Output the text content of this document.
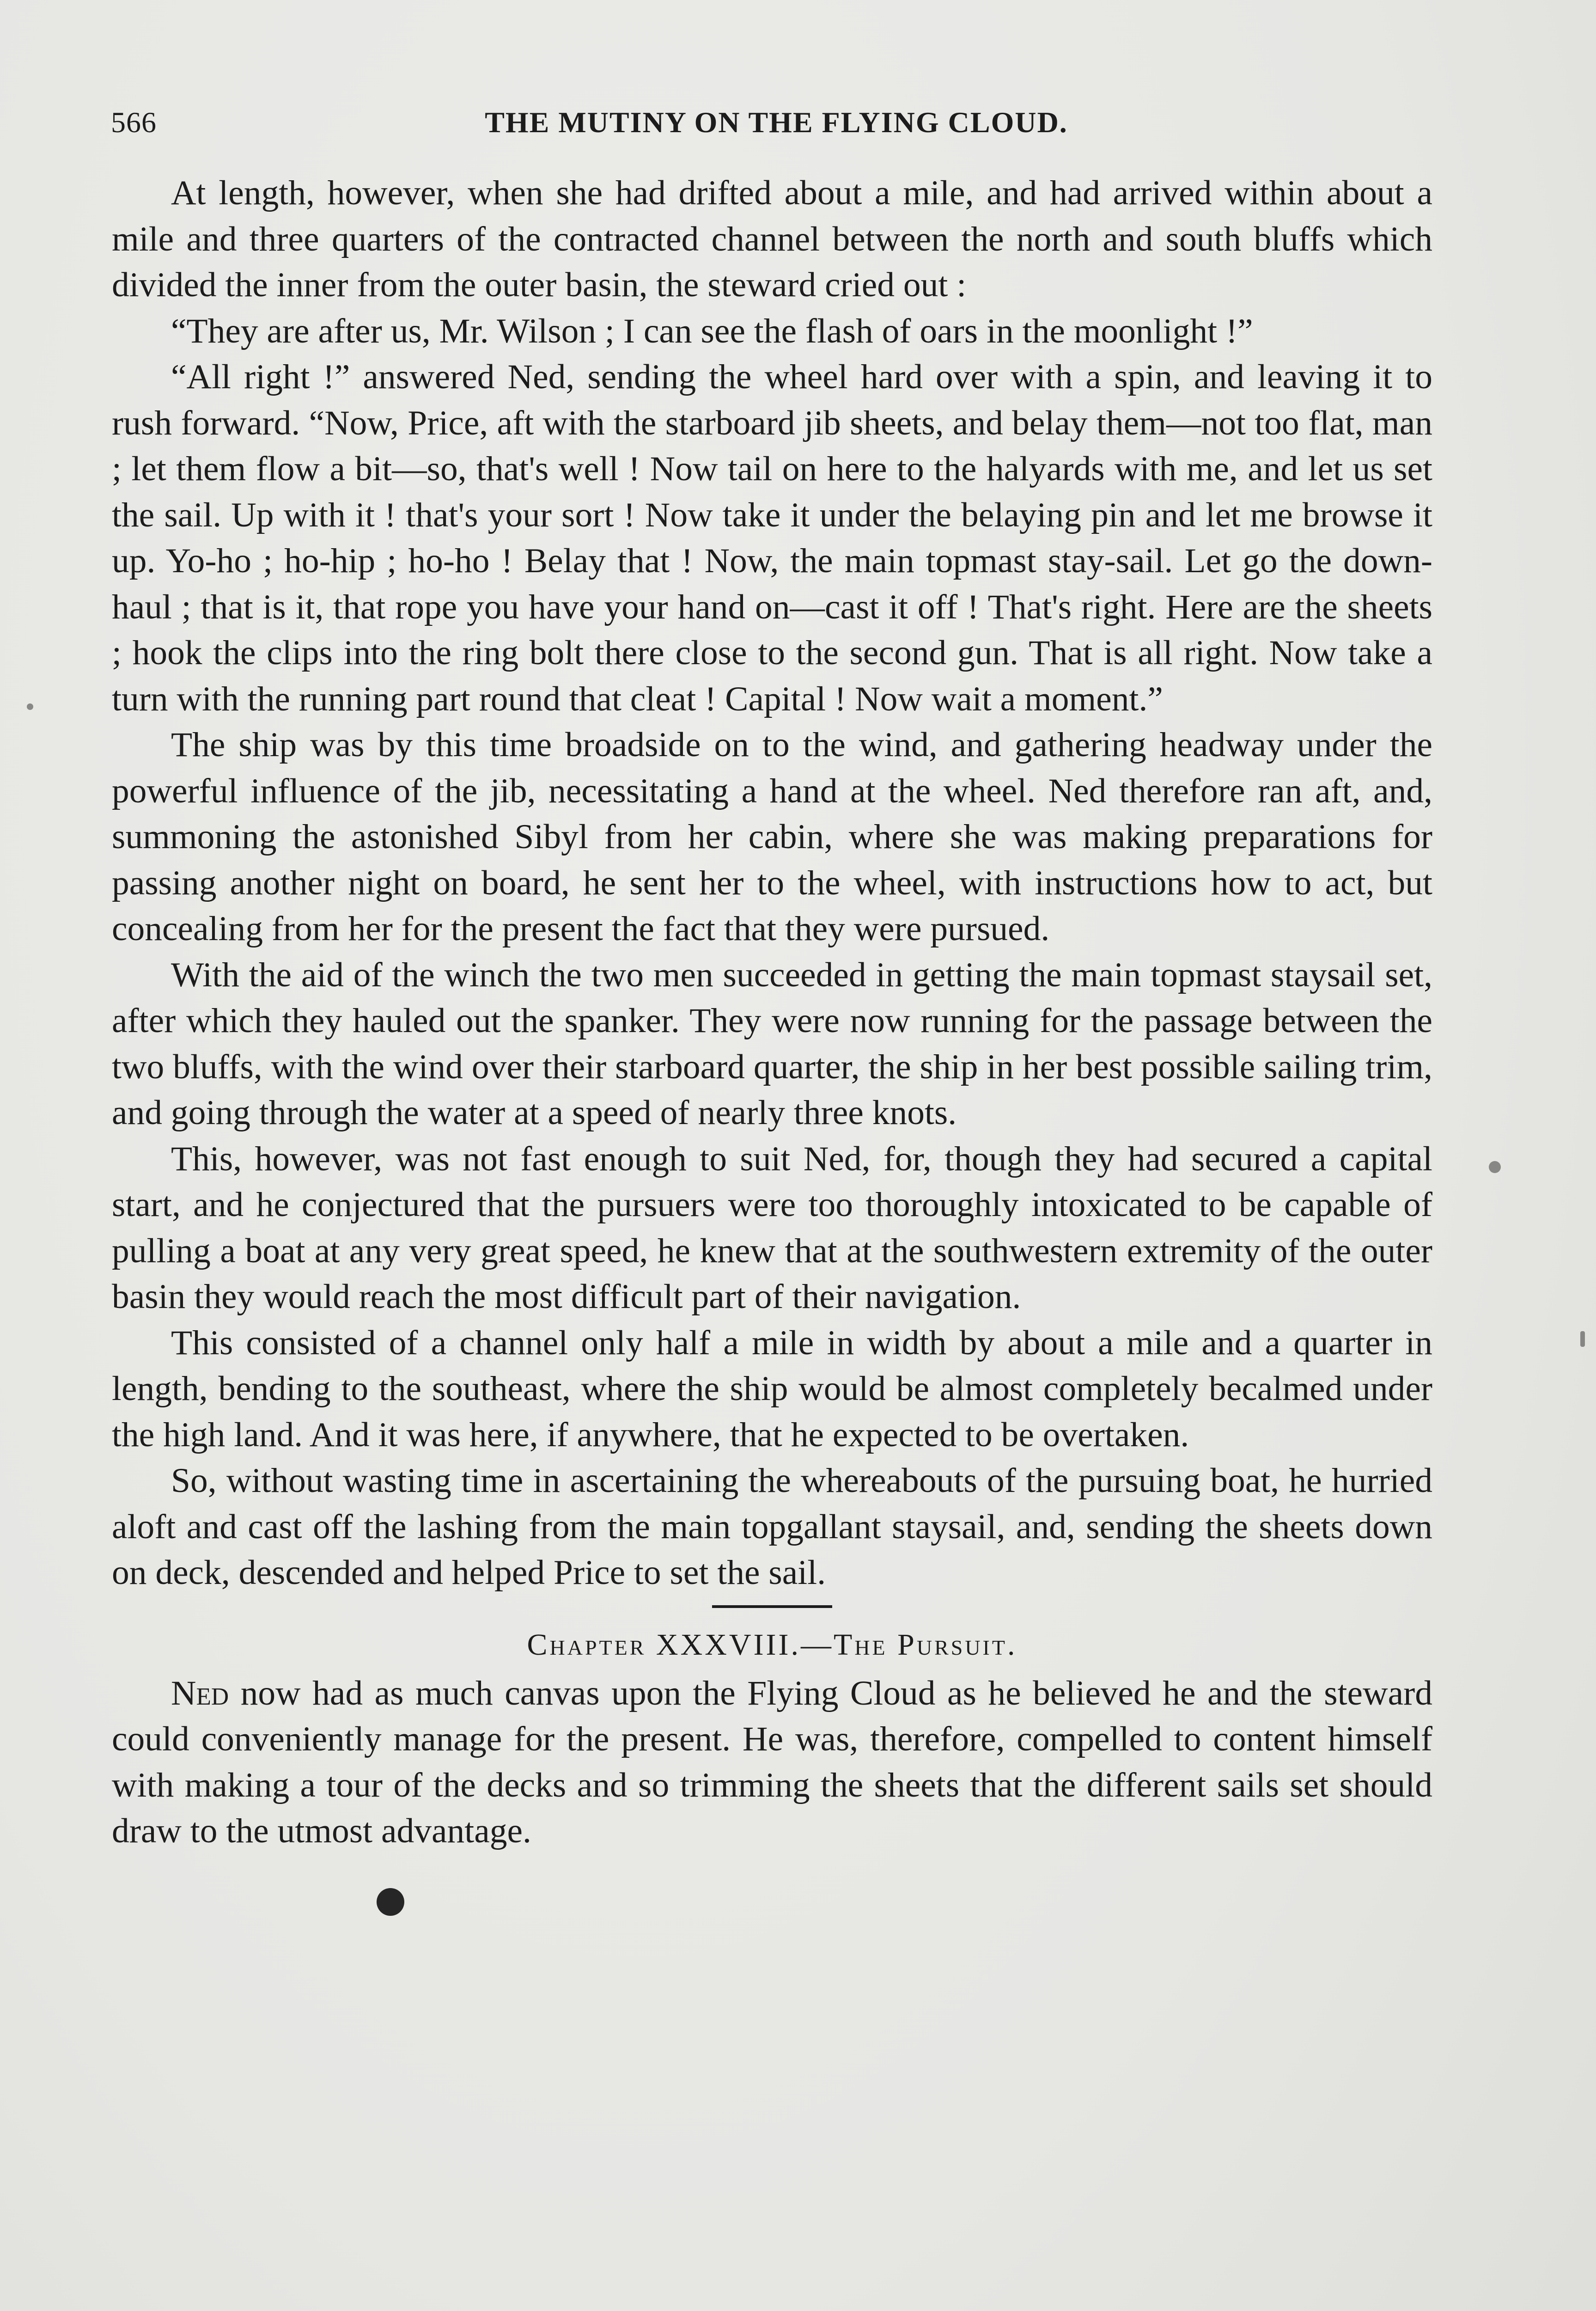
566	THE MUTINY ON THE FLYING CLOUD.

At length, however, when she had drifted about a mile, and had arrived within about a mile and three quarters of the contracted channel between the north and south bluffs which divided the inner from the outer basin, the steward cried out :

“They are after us, Mr. Wilson ; I can see the flash of oars in the moonlight !”

“All right !” answered Ned, sending the wheel hard over with a spin, and leaving it to rush forward. “Now, Price, aft with the starboard jib sheets, and belay them—not too flat, man ; let them flow a bit—so, that's well ! Now tail on here to the halyards with me, and let us set the sail. Up with it ! that's your sort ! Now take it under the belaying pin and let me browse it up. Yo-ho ; ho-hip ; ho-ho ! Belay that ! Now, the main topmast stay-sail. Let go the down-haul ; that is it, that rope you have your hand on—cast it off ! That's right. Here are the sheets ; hook the clips into the ring bolt there close to the second gun. That is all right. Now take a turn with the running part round that cleat ! Capital ! Now wait a moment.”

The ship was by this time broadside on to the wind, and gathering headway under the powerful influence of the jib, necessitating a hand at the wheel. Ned therefore ran aft, and, summoning the astonished Sibyl from her cabin, where she was making preparations for passing another night on board, he sent her to the wheel, with instructions how to act, but concealing from her for the present the fact that they were pursued.

With the aid of the winch the two men succeeded in getting the main topmast staysail set, after which they hauled out the spanker. They were now running for the passage between the two bluffs, with the wind over their starboard quarter, the ship in her best possible sailing trim, and going through the water at a speed of nearly three knots.

This, however, was not fast enough to suit Ned, for, though they had secured a capital start, and he conjectured that the pursuers were too thoroughly intoxicated to be capable of pulling a boat at any very great speed, he knew that at the southwestern extremity of the outer basin they would reach the most difficult part of their navigation.

This consisted of a channel only half a mile in width by about a mile and a quarter in length, bending to the southeast, where the ship would be almost completely becalmed under the high land. And it was here, if anywhere, that he expected to be overtaken.

So, without wasting time in ascertaining the whereabouts of the pursuing boat, he hurried aloft and cast off the lashing from the main topgallant staysail, and, sending the sheets down on deck, descended and helped Price to set the sail.

Chapter XXXVIII.—The Pursuit.

Ned now had as much canvas upon the Flying Cloud as he believed he and the steward could conveniently manage for the present. He was, therefore, compelled to content himself with making a tour of the decks and so trimming the sheets that the different sails set should draw to the utmost advantage.
